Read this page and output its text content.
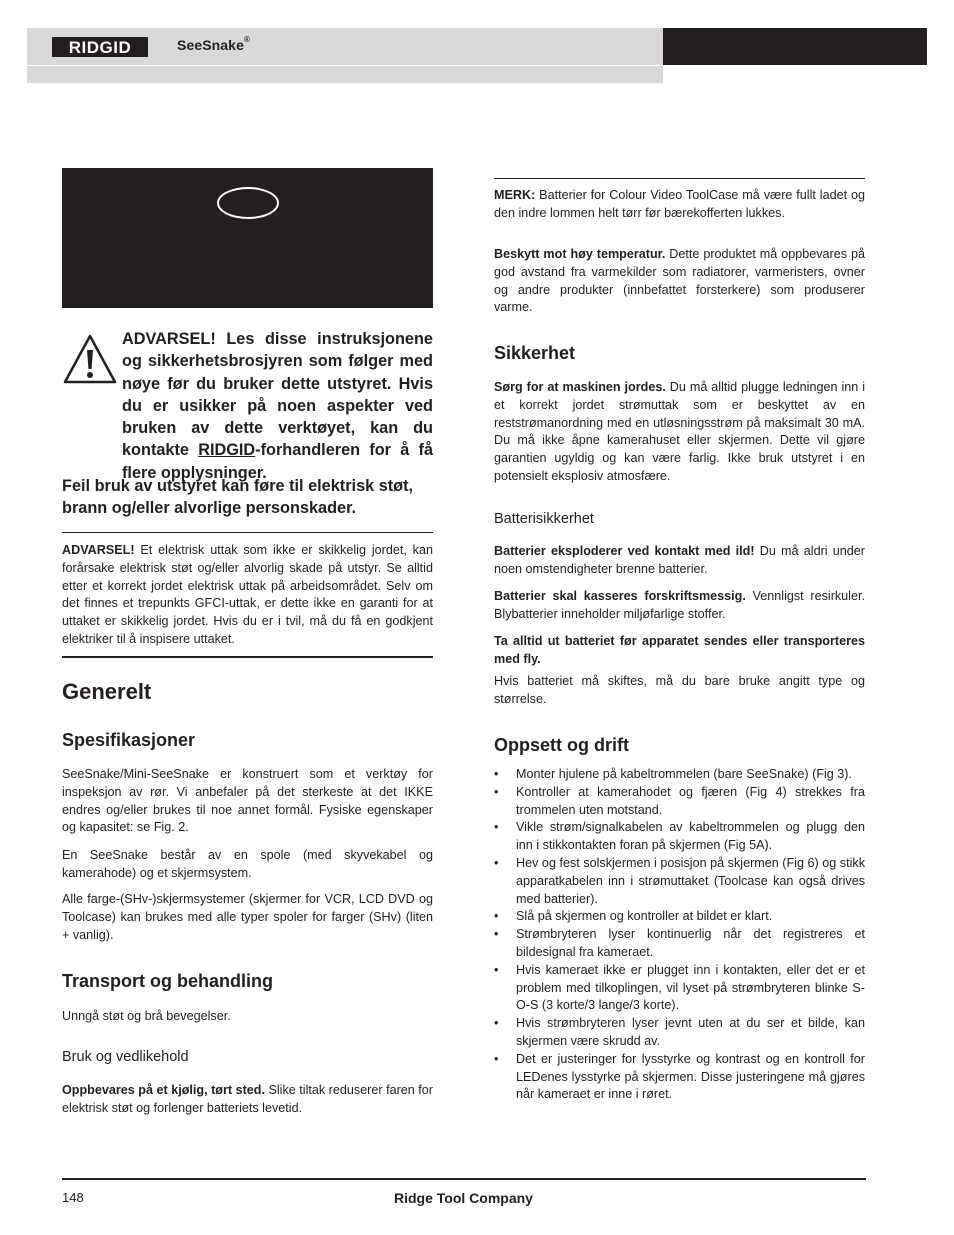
RIDGID	SeeSnake®
ADVARSEL! Les disse instruksjonene og sikkerhetsbrosjyren som følger med nøye før du bruker dette utstyret. Hvis du er usikker på noen aspekter ved bruken av dette verktøyet, kan du kontakte RIDGID-forhandleren for å få flere opplysninger.
Feil bruk av utstyret kan føre til elektrisk støt, brann og/eller alvorlige personskader.
ADVARSEL! Et elektrisk uttak som ikke er skikkelig jordet, kan forårsake elektrisk støt og/eller alvorlig skade på utstyr. Se alltid etter et korrekt jordet elektrisk uttak på arbeidsområdet. Selv om det finnes et trepunkts GFCI-uttak, er dette ikke en garanti for at uttaket er skikkelig jordet. Hvis du er i tvil, må du få en godkjent elektriker til å inspisere uttaket.
Generelt
Spesifikasjoner
SeeSnake/Mini-SeeSnake er konstruert som et verktøy for inspeksjon av rør. Vi anbefaler på det sterkeste at det IKKE endres og/eller brukes til noe annet formål. Fysiske egenskaper og kapasitet: se Fig. 2.
En SeeSnake består av en spole (med skyvekabel og kamerahode) og et skjermsystem.
Alle farge-(SHv-)skjermsystemer (skjermer for VCR, LCD DVD og Toolcase) kan brukes med alle typer spoler for farger (SHv) (liten + vanlig).
Transport og behandling
Unngå støt og brå bevegelser.
Bruk og vedlikehold
Oppbevares på et kjølig, tørt sted. Slike tiltak reduserer faren for elektrisk støt og forlenger batteriets levetid.
MERK: Batterier for Colour Video ToolCase må være fullt ladet og den indre lommen helt tørr før bærekofferten lukkes.
Beskytt mot høy temperatur. Dette produktet må oppbevares på god avstand fra varmekilder som radiatorer, varmeristers, ovner og andre produkter (innbefattet forsterkere) som produserer varme.
Sikkerhet
Sørg for at maskinen jordes. Du må alltid plugge ledningen inn i et korrekt jordet strømuttak som er beskyttet av en reststrømanordning med en utløsningsstrøm på maksimalt 30 mA. Du må ikke åpne kamerahuset eller skjermen. Dette vil gjøre garantien ugyldig og kan være farlig. Ikke bruk utstyret i en potensielt eksplosiv atmosfære.
Batterisikkerhet
Batterier eksploderer ved kontakt med ild! Du må aldri under noen omstendigheter brenne batterier.
Batterier skal kasseres forskriftsmessig. Vennligst resirkuler. Blybatterier inneholder miljøfarlige stoffer.
Ta alltid ut batteriet før apparatet sendes eller transporteres med fly.
Hvis batteriet må skiftes, må du bare bruke angitt type og størrelse.
Oppsett og drift
• Monter hjulene på kabeltrommelen (bare SeeSnake) (Fig 3).
• Kontroller at kamerahodet og fjæren (Fig 4) strekkes fra trommelen uten motstand.
• Vikle strøm/signalkabelen av kabeltrommelen og plugg den inn i stikkontakten foran på skjermen (Fig 5A).
• Hev og fest solskjermen i posisjon på skjermen (Fig 6) og stikk apparatkabelen inn i strømuttaket (Toolcase kan også drives med batterier).
• Slå på skjermen og kontroller at bildet er klart.
• Strømbryteren lyser kontinuerlig når det registreres et bildesignal fra kameraet.
• Hvis kameraet ikke er plugget inn i kontakten, eller det er et problem med tilkoplingen, vil lyset på strømbryteren blinke S-O-S (3 korte/3 lange/3 korte).
• Hvis strømbryteren lyser jevnt uten at du ser et bilde, kan skjermen være skrudd av.
• Det er justeringer for lysstyrke og kontrast og en kontroll for LEDenes lysstyrke på skjermen. Disse justeringene må gjøres når kameraet er inne i røret.
148	Ridge Tool Company
